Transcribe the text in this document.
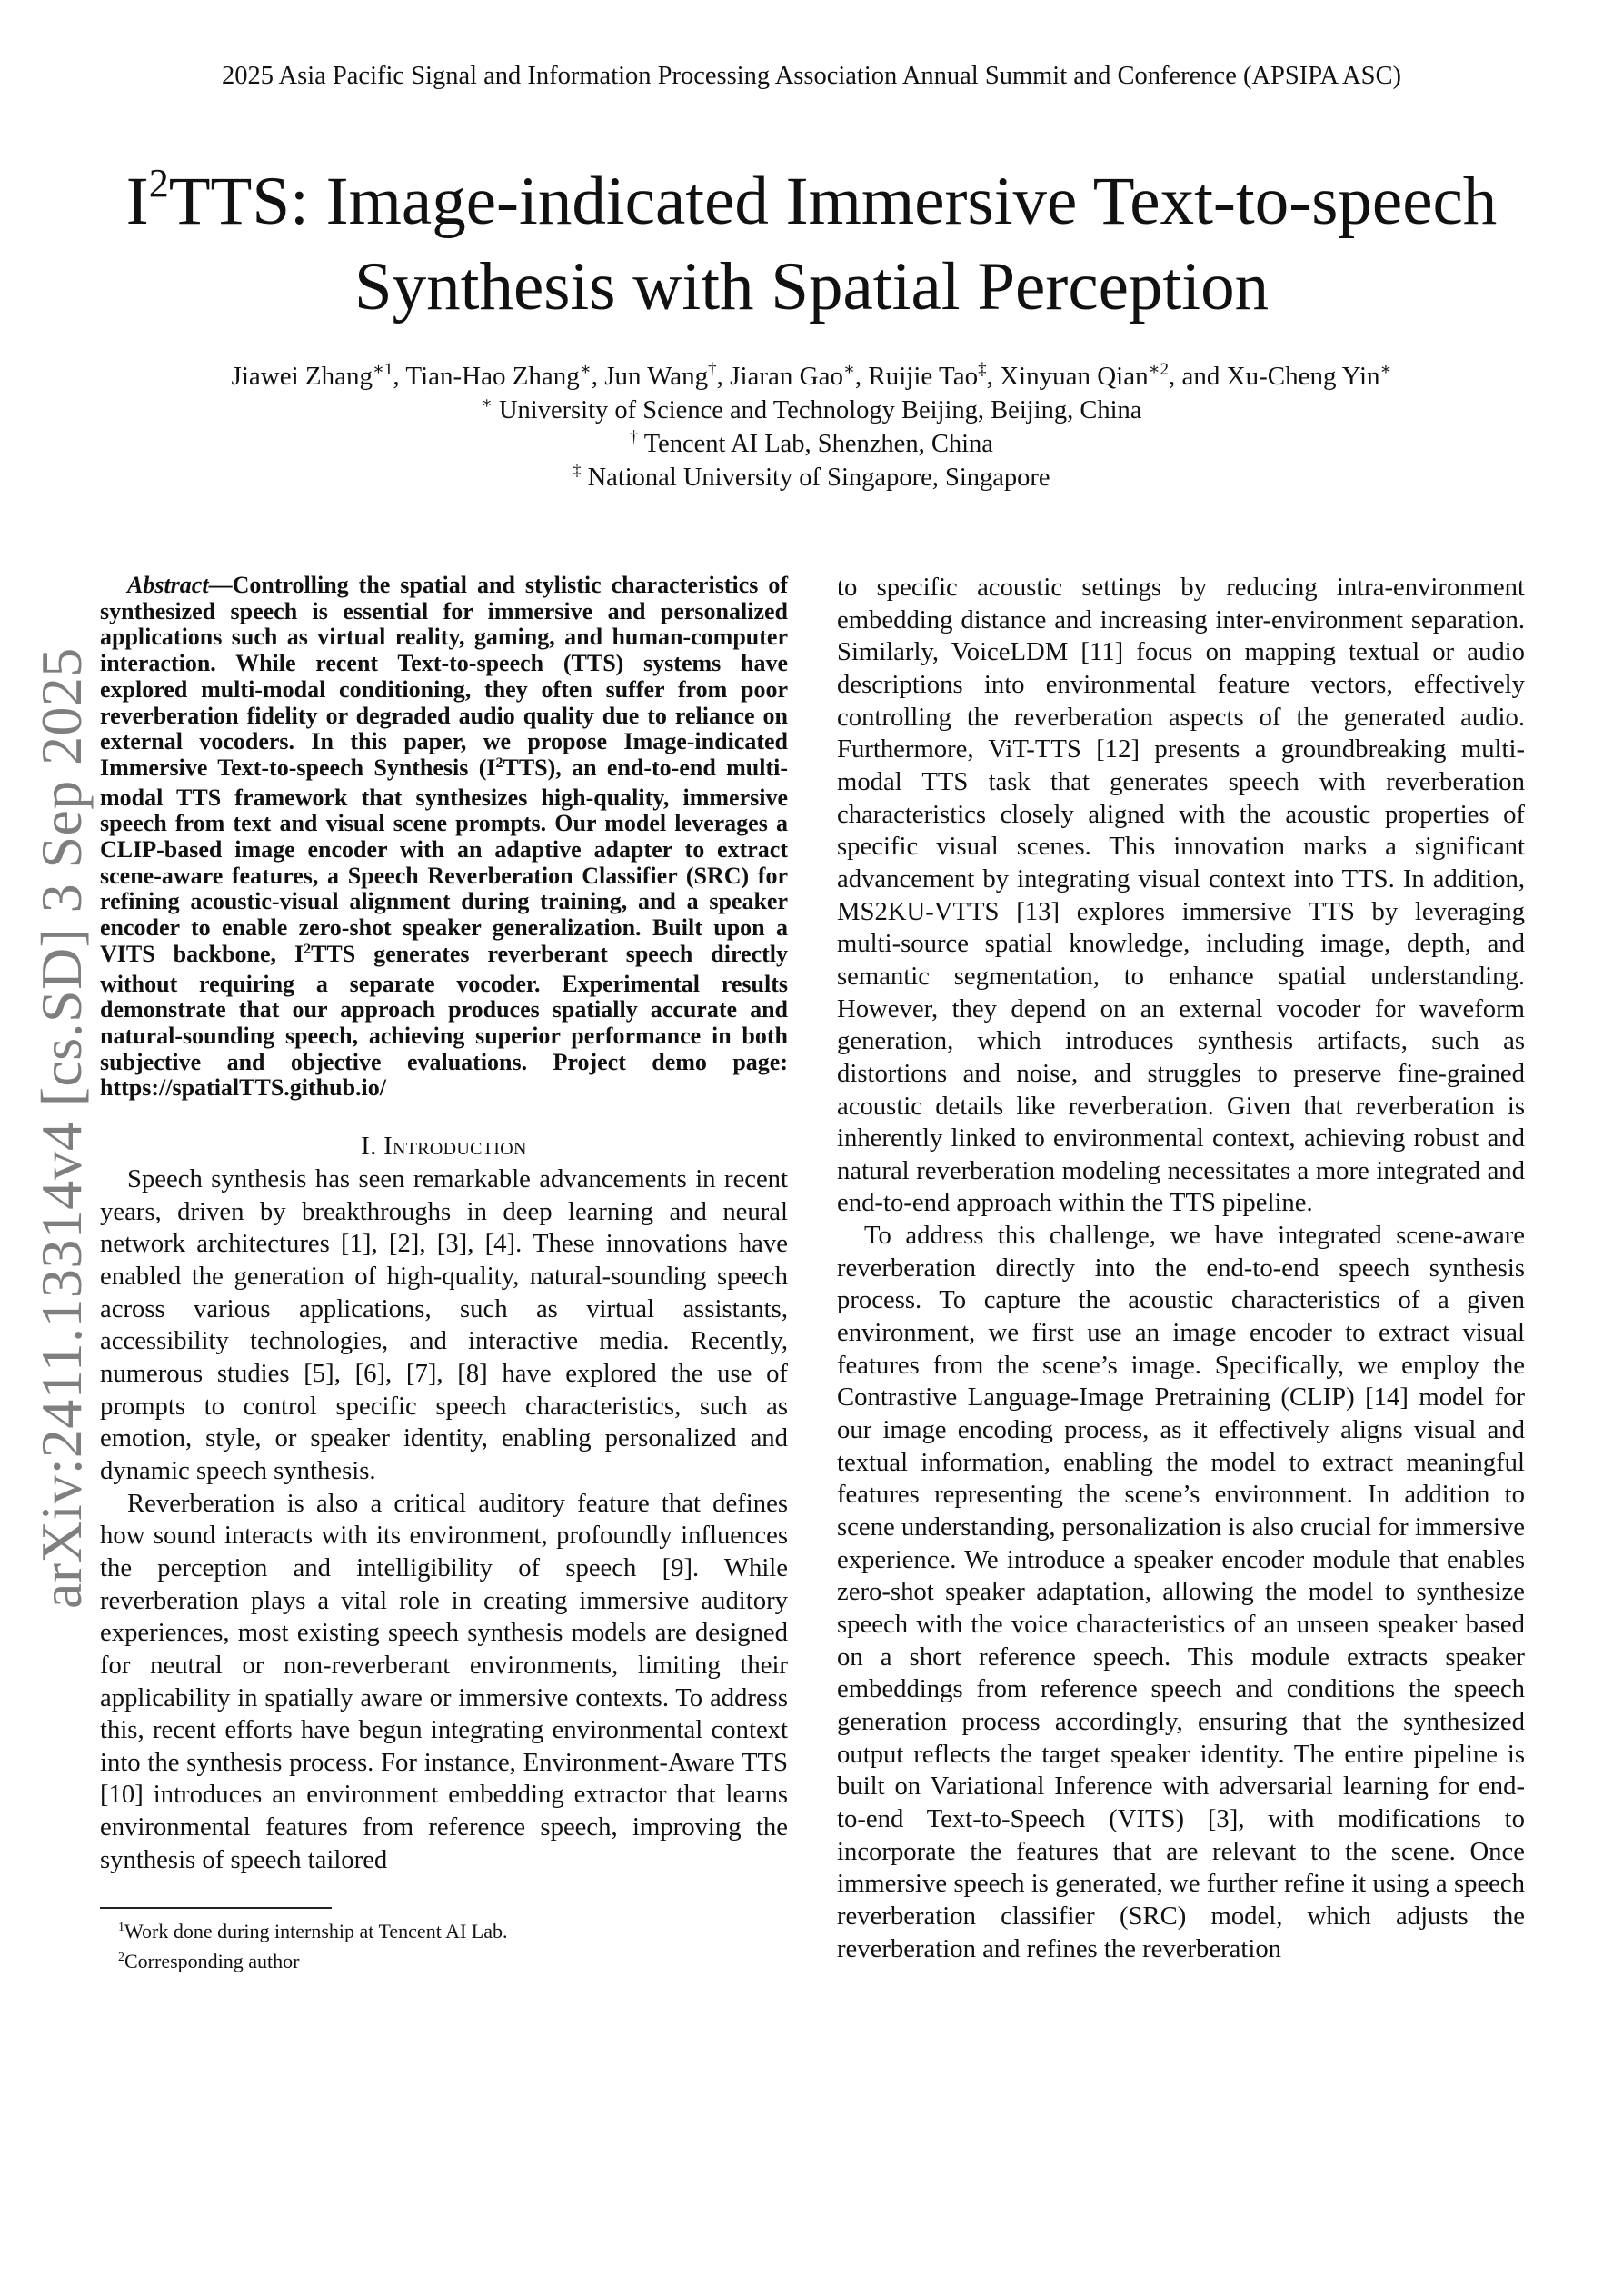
2025 Asia Pacific Signal and Information Processing Association Annual Summit and Conference (APSIPA ASC)
$I^2TTS$: Image-indicated Immersive Text-to-speech
Synthesis with Spatial Perception
Jiawei Zhang$^{∗1}$, Tian-Hao Zhang∗, Jun Wang†, Jiaran Gao∗, Ruijie Tao‡, Xinyuan Qian$^{∗2}$, and Xu-Cheng Yin∗
∗ University of Science and Technology Beijing, Beijing, China
† Tencent AI Lab, Shenzhen, China
‡ National University of Singapore, Singapore
arXiv:2411.13314v4 [cs.SD] 3 Sep 2025

Abstract—Controlling the spatial and stylistic characteristics of synthesized speech is essential for immersive and personalized applications such as virtual reality, gaming, and human-computer interaction. While recent Text-to-speech (TTS) systems have explored multi-modal conditioning, they often suffer from poor reverberation fidelity or degraded audio quality due to reliance on external vocoders. In this paper, we propose Image-indicated Immersive Text-to-speech Synthesis $(I^2TTS)$, an end-to-end multi-modal TTS framework that synthesizes high-quality, immersive speech from text and visual scene prompts. Our model leverages a CLIP-based image encoder with an adaptive adapter to extract scene-aware features, a Speech Reverberation Classifier (SRC) for refining acoustic-visual alignment during training, and a speaker encoder to enable zero-shot speaker generalization. Built upon a VITS backbone, $I^2TTS$ generates reverberant speech directly without requiring a separate vocoder. Experimental results demonstrate that our approach produces spatially accurate and natural-sounding speech, achieving superior performance in both subjective and objective evaluations. Project demo page: https://spatialTTS.github.io/

I. Introduction

Speech synthesis has seen remarkable advancements in recent years, driven by breakthroughs in deep learning and neural network architectures [1], [2], [3], [4]. These innovations have enabled the generation of high-quality, natural-sounding speech across various applications, such as virtual assistants, accessibility technologies, and interactive media. Recently, numerous studies [5], [6], [7], [8] have explored the use of prompts to control specific speech characteristics, such as emotion, style, or speaker identity, enabling personalized and dynamic speech synthesis.

Reverberation is also a critical auditory feature that defines how sound interacts with its environment, profoundly influences the perception and intelligibility of speech [9]. While reverberation plays a vital role in creating immersive auditory experiences, most existing speech synthesis models are designed for neutral or non-reverberant environments, limiting their applicability in spatially aware or immersive contexts. To address this, recent efforts have begun integrating environmental context into the synthesis process. For instance, Environment-Aware TTS [10] introduces an environment embedding extractor that learns environmental features from reference speech, improving the synthesis of speech tailored

$^1$Work done during internship at Tencent AI Lab.
$^2$Corresponding author

to specific acoustic settings by reducing intra-environment embedding distance and increasing inter-environment separation. Similarly, VoiceLDM [11] focus on mapping textual or audio descriptions into environmental feature vectors, effectively controlling the reverberation aspects of the generated audio. Furthermore, ViT-TTS [12] presents a groundbreaking multi-modal TTS task that generates speech with reverberation characteristics closely aligned with the acoustic properties of specific visual scenes. This innovation marks a significant advancement by integrating visual context into TTS. In addition, MS2KU-VTTS [13] explores immersive TTS by leveraging multi-source spatial knowledge, including image, depth, and semantic segmentation, to enhance spatial understanding. However, they depend on an external vocoder for waveform generation, which introduces synthesis artifacts, such as distortions and noise, and struggles to preserve fine-grained acoustic details like reverberation. Given that reverberation is inherently linked to environmental context, achieving robust and natural reverberation modeling necessitates a more integrated and end-to-end approach within the TTS pipeline.

To address this challenge, we have integrated scene-aware reverberation directly into the end-to-end speech synthesis process. To capture the acoustic characteristics of a given environment, we first use an image encoder to extract visual features from the scene’s image. Specifically, we employ the Contrastive Language-Image Pretraining (CLIP) [14] model for our image encoding process, as it effectively aligns visual and textual information, enabling the model to extract meaningful features representing the scene’s environment. In addition to scene understanding, personalization is also crucial for immersive experience. We introduce a speaker encoder module that enables zero-shot speaker adaptation, allowing the model to synthesize speech with the voice characteristics of an unseen speaker based on a short reference speech. This module extracts speaker embeddings from reference speech and conditions the speech generation process accordingly, ensuring that the synthesized output reflects the target speaker identity. The entire pipeline is built on Variational Inference with adversarial learning for end-to-end Text-to-Speech (VITS) [3], with modifications to incorporate the features that are relevant to the scene. Once immersive speech is generated, we further refine it using a speech reverberation classifier (SRC) model, which adjusts the reverberation and refines the reverberation
